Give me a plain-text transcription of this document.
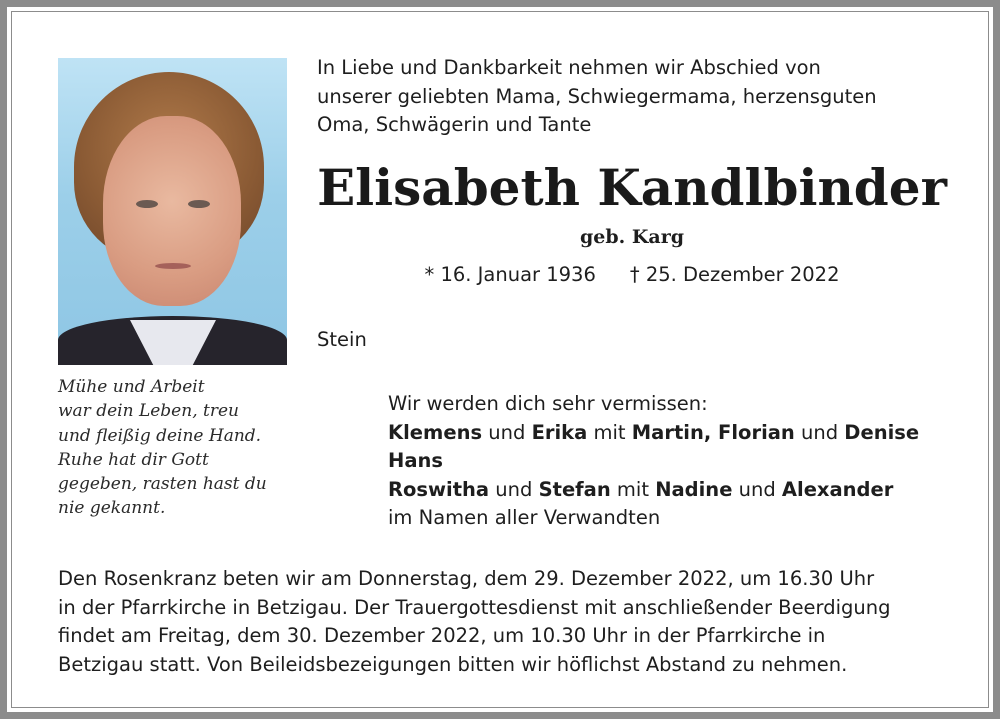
Mühe und Arbeit
war dein Leben, treu
und fleißig deine Hand.
Ruhe hat dir Gott
gegeben, rasten hast du
nie gekannt.
In Liebe und Dankbarkeit nehmen wir Abschied von
unserer geliebten Mama, Schwiegermama, herzensguten
Oma, Schwägerin und Tante
Elisabeth Kandlbinder
geb. Karg
* 16. Januar 1936 † 25. Dezember 2022
Stein
Wir werden dich sehr vermissen:
Klemens und Erika mit Martin, Florian und Denise
Hans
Roswitha und Stefan mit Nadine und Alexander
im Namen aller Verwandten
Den Rosenkranz beten wir am Donnerstag, dem 29. Dezember 2022, um 16.30 Uhr
in der Pfarrkirche in Betzigau. Der Trauergottesdienst mit anschließender Beerdigung
findet am Freitag, dem 30. Dezember 2022, um 10.30 Uhr in der Pfarrkirche in
Betzigau statt. Von Beileidsbezeigungen bitten wir höflichst Abstand zu nehmen.
